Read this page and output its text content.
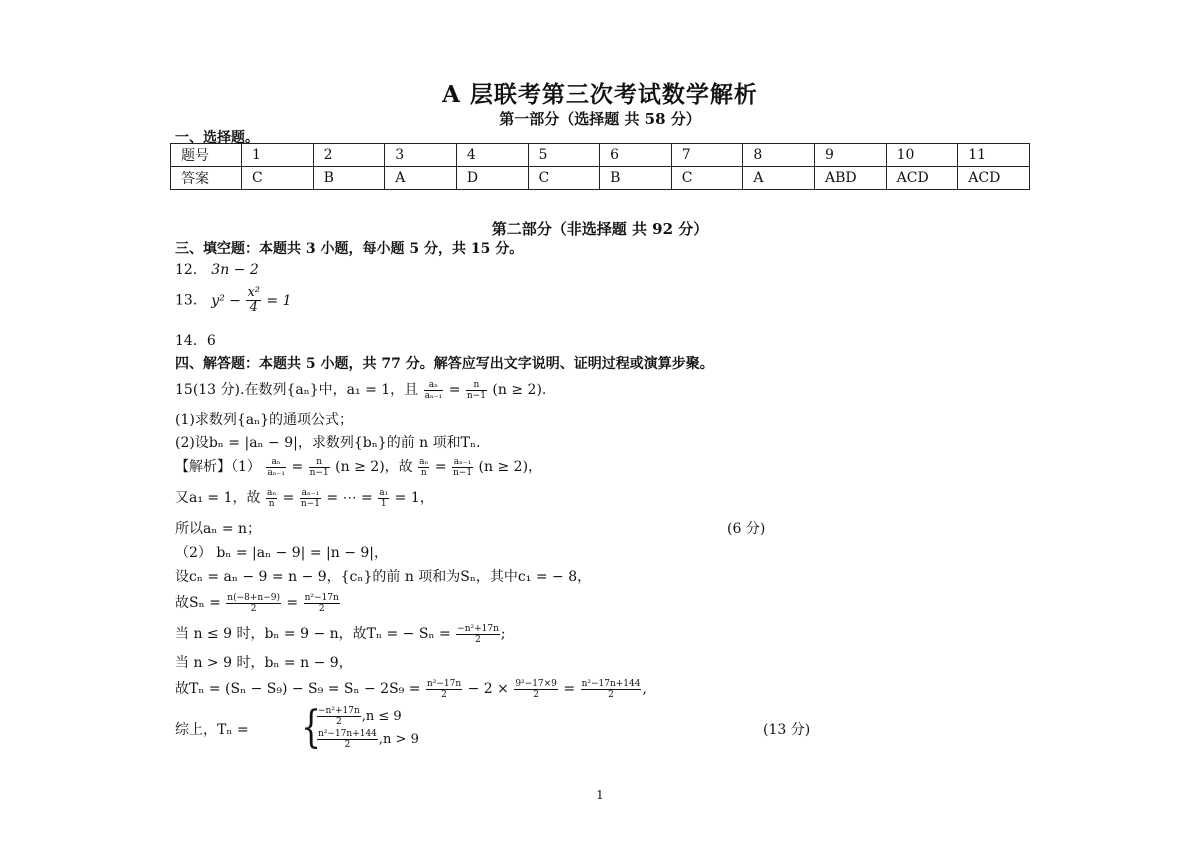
A 层联考第三次考试数学解析
第一部分（选择题 共 58 分）
一、选择题。
题号	1	2	3	4	5	6	7	8	9	10	11
答案	C	B	A	D	C	B	C	A	ABD	ACD	ACD
第二部分（非选择题 共 92 分）
三、填空题：本题共 3 小题，每小题 5 分，共 15 分。
12． 3n − 2
13． $y^2 - \frac{\text{x²}}{4} = 1$
14．6
四、解答题：本题共 5 小题，共 77 分。解答应写出文字说明、证明过程或演算步聚。
15(13 分).在数列{aₙ}中，a₁ = 1，且 $\frac{\text{aₙ}}{\text{aₙ₋₁}} = \frac{n}{n-1} (n \ge 2)$.
(1)求数列{aₙ}的通项公式；
(2)设bₙ = |aₙ − 9|，求数列{bₙ}的前 n 项和Tₙ.
【解析】$(1) \frac{\text{aₙ}}{\text{aₙ₋₁}} = \frac{n}{n-1} (n \ge 2)$，故 $\frac{\text{aₙ}}{n} = \frac{\text{aₙ₋₁}}{n-1} (n \ge 2)$，
又a₁ = 1，故 $\frac{\text{aₙ}}{n} = \frac{\text{aₙ₋₁}}{n-1}$ = ⋯ = $\frac{\text{a₁}}{1} = 1$，
所以aₙ = n；	(6 分)
（2） bₙ = |aₙ − 9| = |n − 9|，
设cₙ = aₙ − 9 = n − 9，{cₙ}的前 n 项和为Sₙ，其中c₁ = − 8，
故$S_n = \frac{n(-8+n-9)}{2} = \frac{\text{n²−17n}}{2}$
当 n ≤ 9 时，bₙ = 9 − n，故Tₙ = − $S_n = \frac{\text{−n²+17n}}{2}$ ;
当 n > 9 时，bₙ = n − 9，
故$T_n = (S_n - S_9) - S_9 = S_n - 2S_9 = \frac{\text{n²−17n}}{2} - 2 \times \frac{\text{9²−17×9}}{2} = \frac{\text{n²−17n+144}}{2}$ ,
综上，Tₙ = {
$\frac{\text{−n²+17n}}{2} ,n \le 9$
$\frac{\text{n²−17n+144}}{2} ,n > 9$
(13 分)
1
